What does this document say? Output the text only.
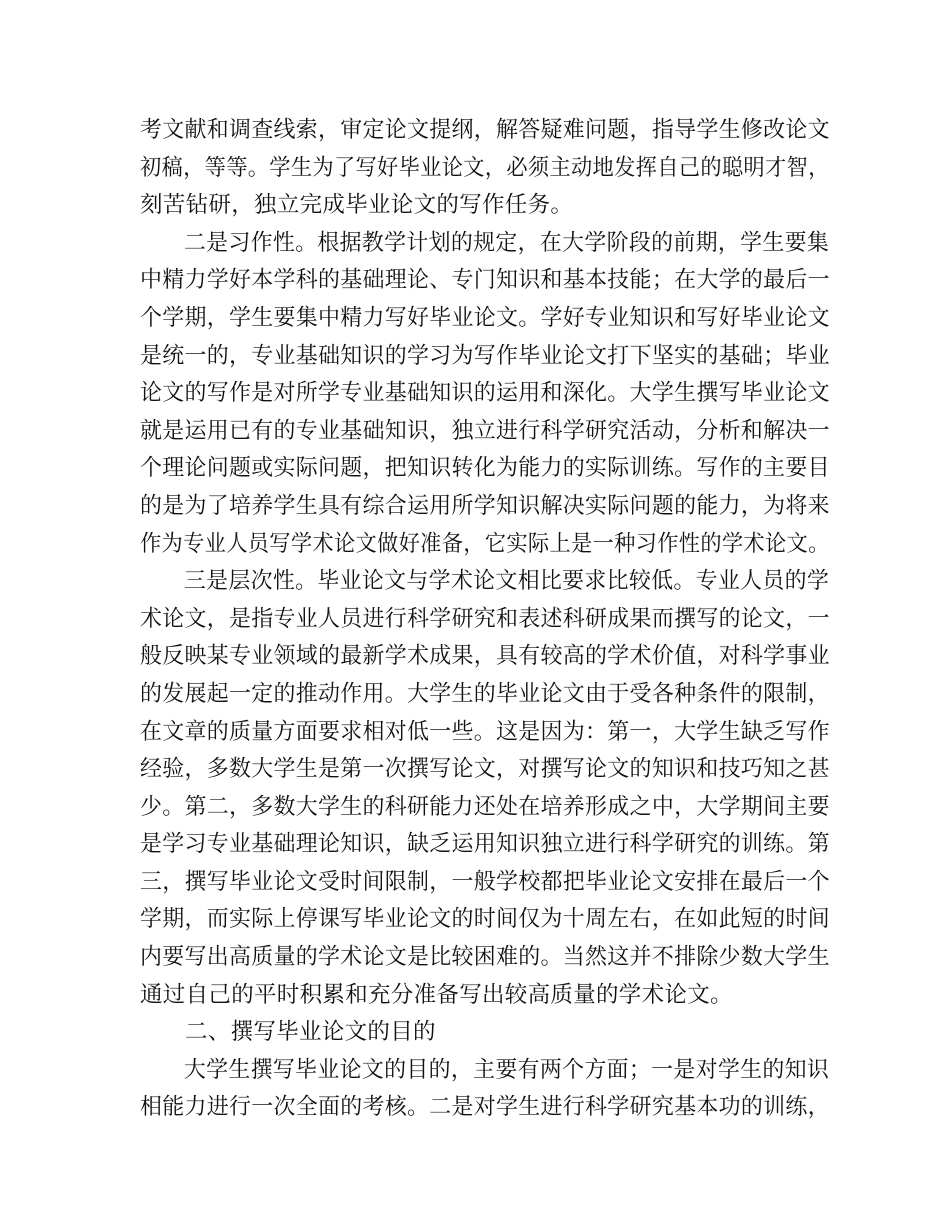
考文献和调查线索，审定论文提纲，解答疑难问题，指导学生修改论文
初稿，等等。学生为了写好毕业论文，必须主动地发挥自己的聪明才智，
刻苦钻研，独立完成毕业论文的写作任务。
二是习作性。根据教学计划的规定，在大学阶段的前期，学生要集
中精力学好本学科的基础理论、专门知识和基本技能；在大学的最后一
个学期，学生要集中精力写好毕业论文。学好专业知识和写好毕业论文
是统一的，专业基础知识的学习为写作毕业论文打下坚实的基础；毕业
论文的写作是对所学专业基础知识的运用和深化。大学生撰写毕业论文
就是运用已有的专业基础知识，独立进行科学研究活动，分析和解决一
个理论问题或实际问题，把知识转化为能力的实际训练。写作的主要目
的是为了培养学生具有综合运用所学知识解决实际问题的能力，为将来
作为专业人员写学术论文做好准备，它实际上是一种习作性的学术论文。
三是层次性。毕业论文与学术论文相比要求比较低。专业人员的学
术论文，是指专业人员进行科学研究和表述科研成果而撰写的论文，一
般反映某专业领域的最新学术成果，具有较高的学术价值，对科学事业
的发展起一定的推动作用。大学生的毕业论文由于受各种条件的限制，
在文章的质量方面要求相对低一些。这是因为：第一，大学生缺乏写作
经验，多数大学生是第一次撰写论文，对撰写论文的知识和技巧知之甚
少。第二，多数大学生的科研能力还处在培养形成之中，大学期间主要
是学习专业基础理论知识，缺乏运用知识独立进行科学研究的训练。第
三，撰写毕业论文受时间限制，一般学校都把毕业论文安排在最后一个
学期，而实际上停课写毕业论文的时间仅为十周左右，在如此短的时间
内要写出高质量的学术论文是比较困难的。当然这并不排除少数大学生
通过自己的平时积累和充分准备写出较高质量的学术论文。
二、撰写毕业论文的目的
大学生撰写毕业论文的目的，主要有两个方面；一是对学生的知识
相能力进行一次全面的考核。二是对学生进行科学研究基本功的训练，
